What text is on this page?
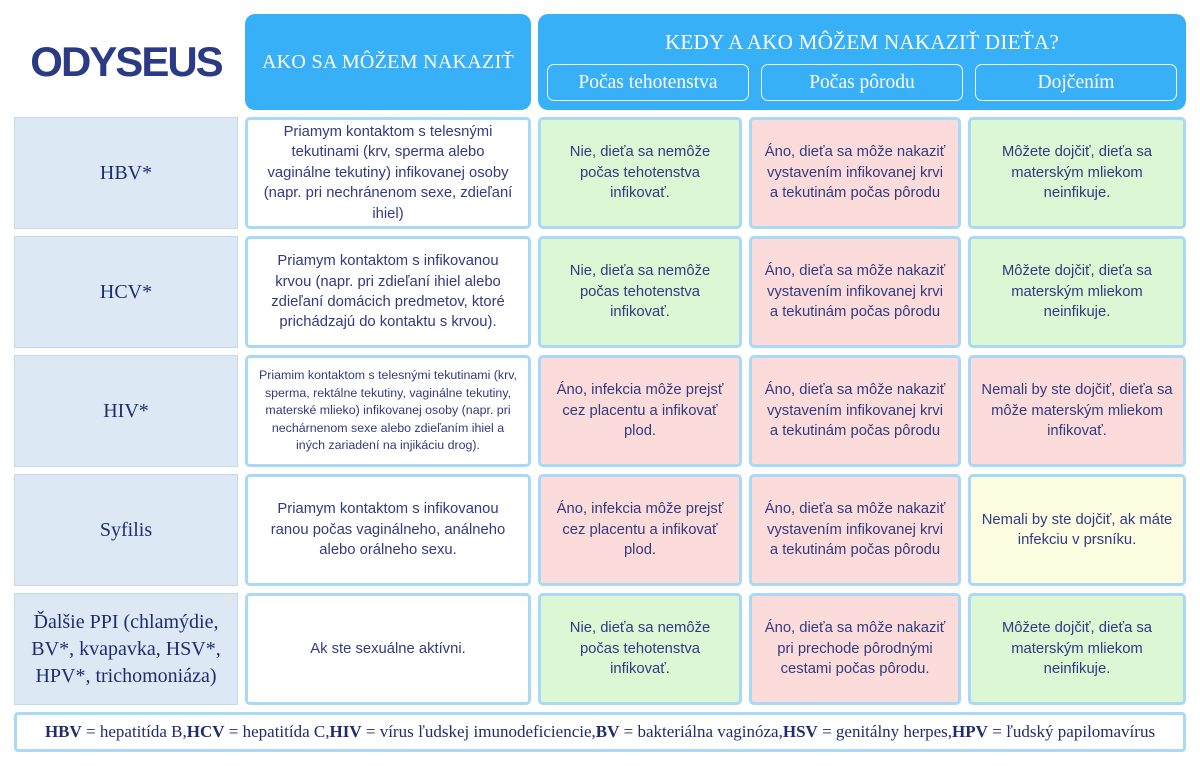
ODYSEUS AKO SA MÔŽEM NAKAZIŤ
KEDY A AKO MÔŽEM NAKAZIŤ DIEŤA?
Počas tehotenstva	Počas pôrodu	Dojčením
HBV*
Priamym kontaktom s telesnými tekutinami (krv, sperma alebo vaginálne tekutiny) infikovanej osoby (napr. pri nechránenom sexe, zdieľaní ihiel)
Nie, dieťa sa nemôže počas tehotenstva infikovať.
Áno, dieťa sa môže nakaziť vystavením infikovanej krvi a tekutinám počas pôrodu
Môžete dojčiť, dieťa sa materským mliekom neinfikuje.
HCV*
Priamym kontaktom s infikovanou krvou (napr. pri zdieľaní ihiel alebo zdieľaní domácich predmetov, ktoré prichádzajú do kontaktu s krvou).
Nie, dieťa sa nemôže počas tehotenstva infikovať.
Áno, dieťa sa môže nakaziť vystavením infikovanej krvi a tekutinám počas pôrodu
Môžete dojčiť, dieťa sa materským mliekom neinfikuje.
HIV*
Priamim kontaktom s telesnými tekutinami (krv, sperma, rektálne tekutiny, vaginálne tekutiny, materské mlieko) infikovanej osoby (napr. pri nechárnenom sexe alebo zdieľaním ihiel a iných zariadení na injikáciu drog).
Áno, infekcia môže prejsť cez placentu a infikovať plod.
Áno, dieťa sa môže nakaziť vystavením infikovanej krvi a tekutinám počas pôrodu
Nemali by ste dojčiť, dieťa sa môže materským mliekom infikovať.
Syfilis
Priamym kontaktom s infikovanou ranou počas vaginálneho, análneho alebo orálneho sexu.
Áno, infekcia môže prejsť cez placentu a infikovať plod.
Áno, dieťa sa môže nakaziť vystavením infikovanej krvi a tekutinám počas pôrodu
Nemali by ste dojčiť, ak máte infekciu v prsníku.
Ďalšie PPI (chlamýdie, BV*, kvapavka, HSV*, HPV*, trichomoniáza)
Ak ste sexuálne aktívni.
Nie, dieťa sa nemôže počas tehotenstva infikovať.
Áno, dieťa sa môže nakaziť pri prechode pôrodnými cestami počas pôrodu.
Môžete dojčiť, dieťa sa materským mliekom neinfikuje.
HBV = hepatitída B, HCV = hepatitída C, HIV = vírus ľudskej imunodeficiencie, BV = bakteriálna vaginóza, HSV = genitálny herpes, HPV = ľudský papilomavírus
